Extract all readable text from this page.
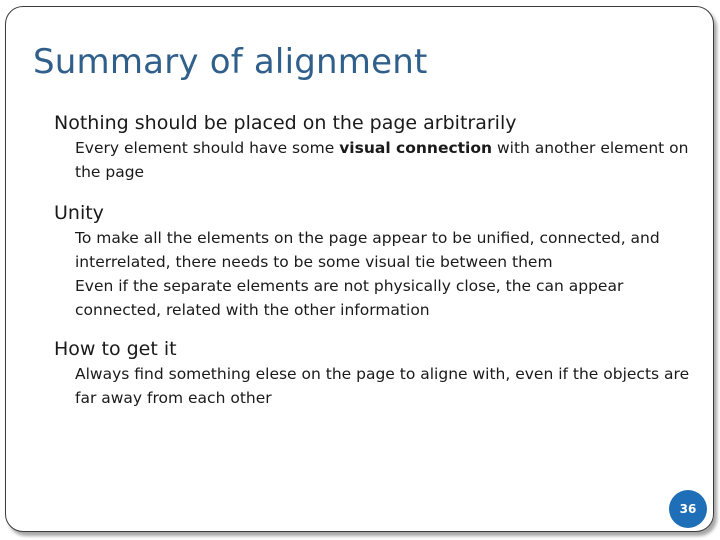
Summary of alignment
Nothing should be placed on the page arbitrarily
Every element should have some visual connection with another element on the page
Unity
To make all the elements on the page appear to be unified, connected, and interrelated, there needs to be some visual tie between them
Even if the separate elements are not physically close, the can appear connected, related with the other information
How to get it
Always find something elese on the page to aligne with, even if the objects are far away from each other
36
